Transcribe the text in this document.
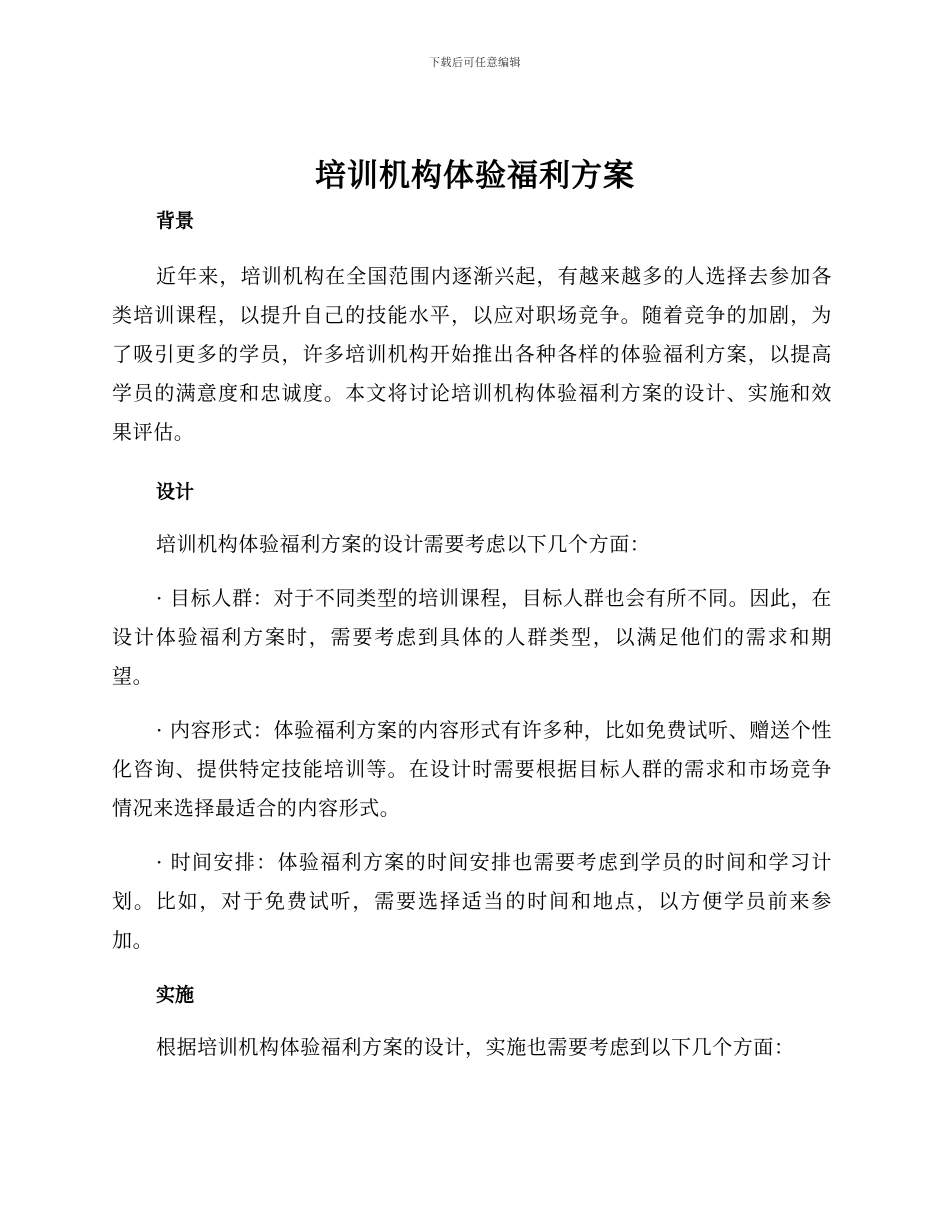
下载后可任意编辑
培训机构体验福利方案
背景

近年来，培训机构在全国范围内逐渐兴起，有越来越多的人选择去参加各类培训课程，以提升自己的技能水平，以应对职场竞争。随着竞争的加剧，为了吸引更多的学员，许多培训机构开始推出各种各样的体验福利方案，以提高学员的满意度和忠诚度。本文将讨论培训机构体验福利方案的设计、实施和效果评估。

设计

培训机构体验福利方案的设计需要考虑以下几个方面：

· 目标人群：对于不同类型的培训课程，目标人群也会有所不同。因此，在设计体验福利方案时，需要考虑到具体的人群类型，以满足他们的需求和期望。

· 内容形式：体验福利方案的内容形式有许多种，比如免费试听、赠送个性化咨询、提供特定技能培训等。在设计时需要根据目标人群的需求和市场竞争情况来选择最适合的内容形式。

· 时间安排：体验福利方案的时间安排也需要考虑到学员的时间和学习计划。比如，对于免费试听，需要选择适当的时间和地点，以方便学员前来参加。

实施

根据培训机构体验福利方案的设计，实施也需要考虑到以下几个方面：
